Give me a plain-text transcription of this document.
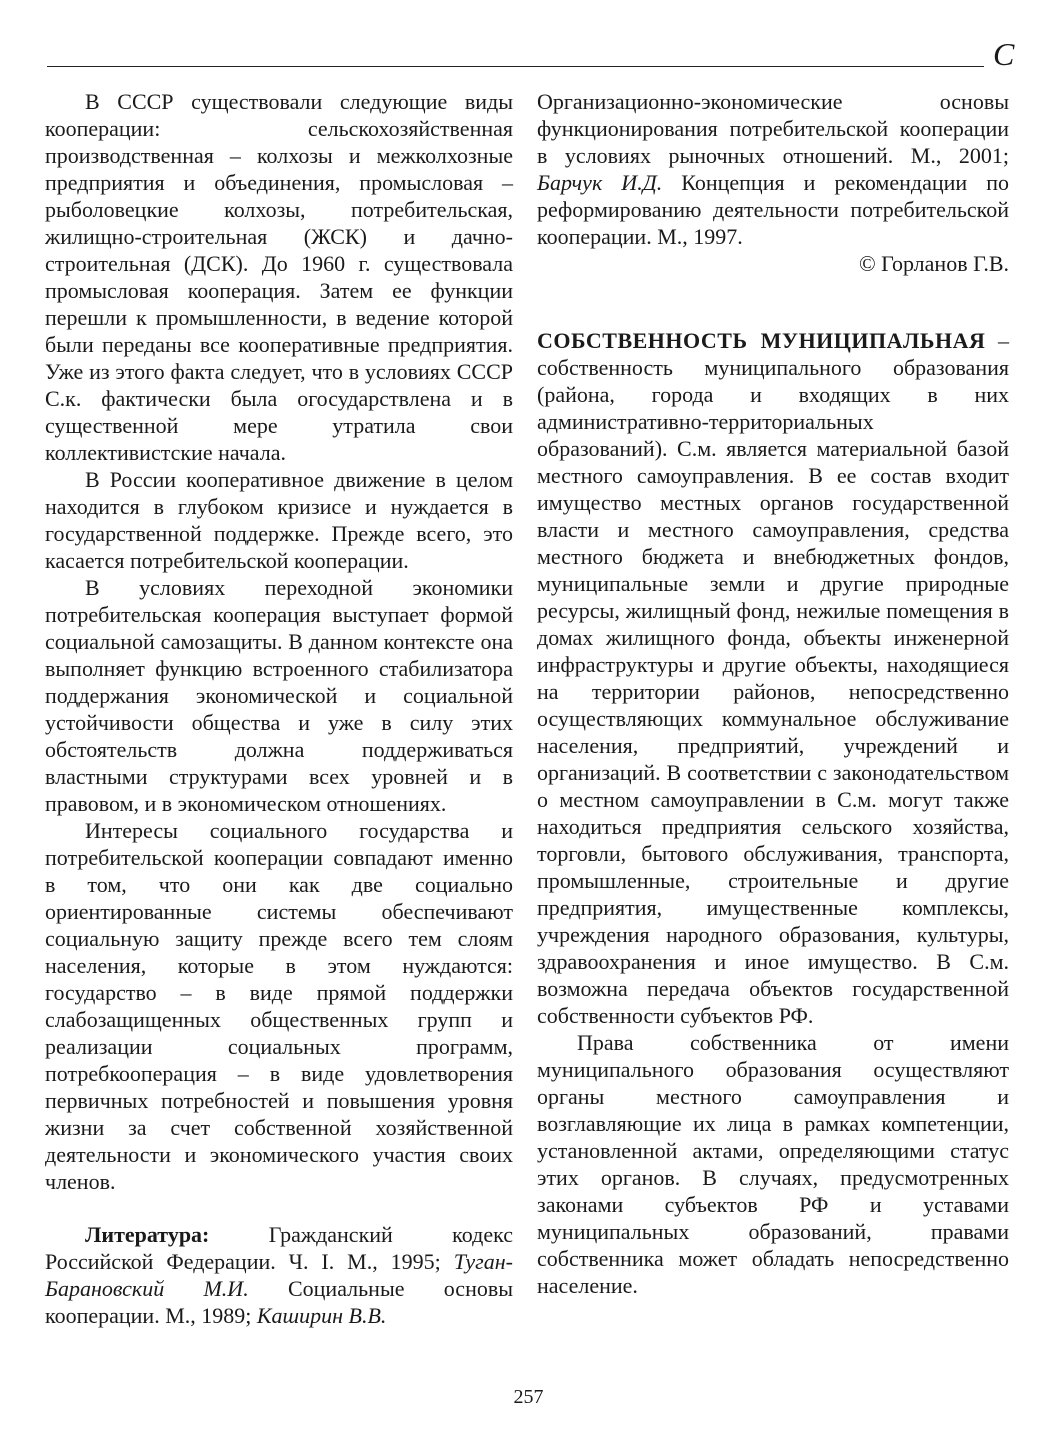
С

В СССР существовали следующие виды кооперации: сельскохозяйственная производственная – колхозы и межколхозные предприятия и объединения, промысловая – рыболовецкие колхозы, потребительская, жилищно-строительная (ЖСК) и дачно-строительная (ДСК). До 1960 г. существовала промысловая кооперация. Затем ее функции перешли к промышленности, в ведение которой были переданы все кооперативные предприятия. Уже из этого факта следует, что в условиях СССР С.к. фактически была огосударствлена и в существенной мере утратила свои коллективистские начала.

В России кооперативное движение в целом находится в глубоком кризисе и нуждается в государственной поддержке. Прежде всего, это касается потребительской кооперации.

В условиях переходной экономики потребительская кооперация выступает формой социальной самозащиты. В данном контексте она выполняет функцию встроенного стабилизатора поддержания экономической и социальной устойчивости общества и уже в силу этих обстоятельств должна поддерживаться властными структурами всех уровней и в правовом, и в экономическом отношениях.

Интересы социального государства и потребительской кооперации совпадают именно в том, что они как две социально ориентированные системы обеспечивают социальную защиту прежде всего тем слоям населения, которые в этом нуждаются: государство – в виде прямой поддержки слабозащищенных общественных групп и реализации социальных программ, потребкооперация – в виде удовлетворения первичных потребностей и повышения уровня жизни за счет собственной хозяйственной деятельности и экономического участия своих членов.

Литература: Гражданский кодекс Российской Федерации. Ч. I. М., 1995; Туган-Барановский М.И. Социальные основы кооперации. М., 1989; Каширин В.В.

Организационно-экономические основы функционирования потребительской кооперации в условиях рыночных отношений. М., 2001; Барчук И.Д. Концепция и рекомендации по реформированию деятельности потребительской кооперации. М., 1997.

© Горланов Г.В.

СОБСТВЕННОСТЬ МУНИЦИПАЛЬНАЯ – собственность муниципального образования (района, города и входящих в них административно-территориальных образований). С.м. является материальной базой местного самоуправления. В ее состав входит имущество местных органов государственной власти и местного самоуправления, средства местного бюджета и внебюджетных фондов, муниципальные земли и другие природные ресурсы, жилищный фонд, нежилые помещения в домах жилищного фонда, объекты инженерной инфраструктуры и другие объекты, находящиеся на территории районов, непосредственно осуществляющих коммунальное обслуживание населения, предприятий, учреждений и организаций. В соответствии с законодательством о местном самоуправлении в С.м. могут также находиться предприятия сельского хозяйства, торговли, бытового обслуживания, транспорта, промышленные, строительные и другие предприятия, имущественные комплексы, учреждения народного образования, культуры, здравоохранения и иное имущество. В С.м. возможна передача объектов государственной собственности субъектов РФ.

Права собственника от имени муниципального образования осуществляют органы местного самоуправления и возглавляющие их лица в рамках компетенции, установленной актами, определяющими статус этих органов. В случаях, предусмотренных законами субъектов РФ и уставами муниципальных образований, правами собственника может обладать непосредственно население.

257
